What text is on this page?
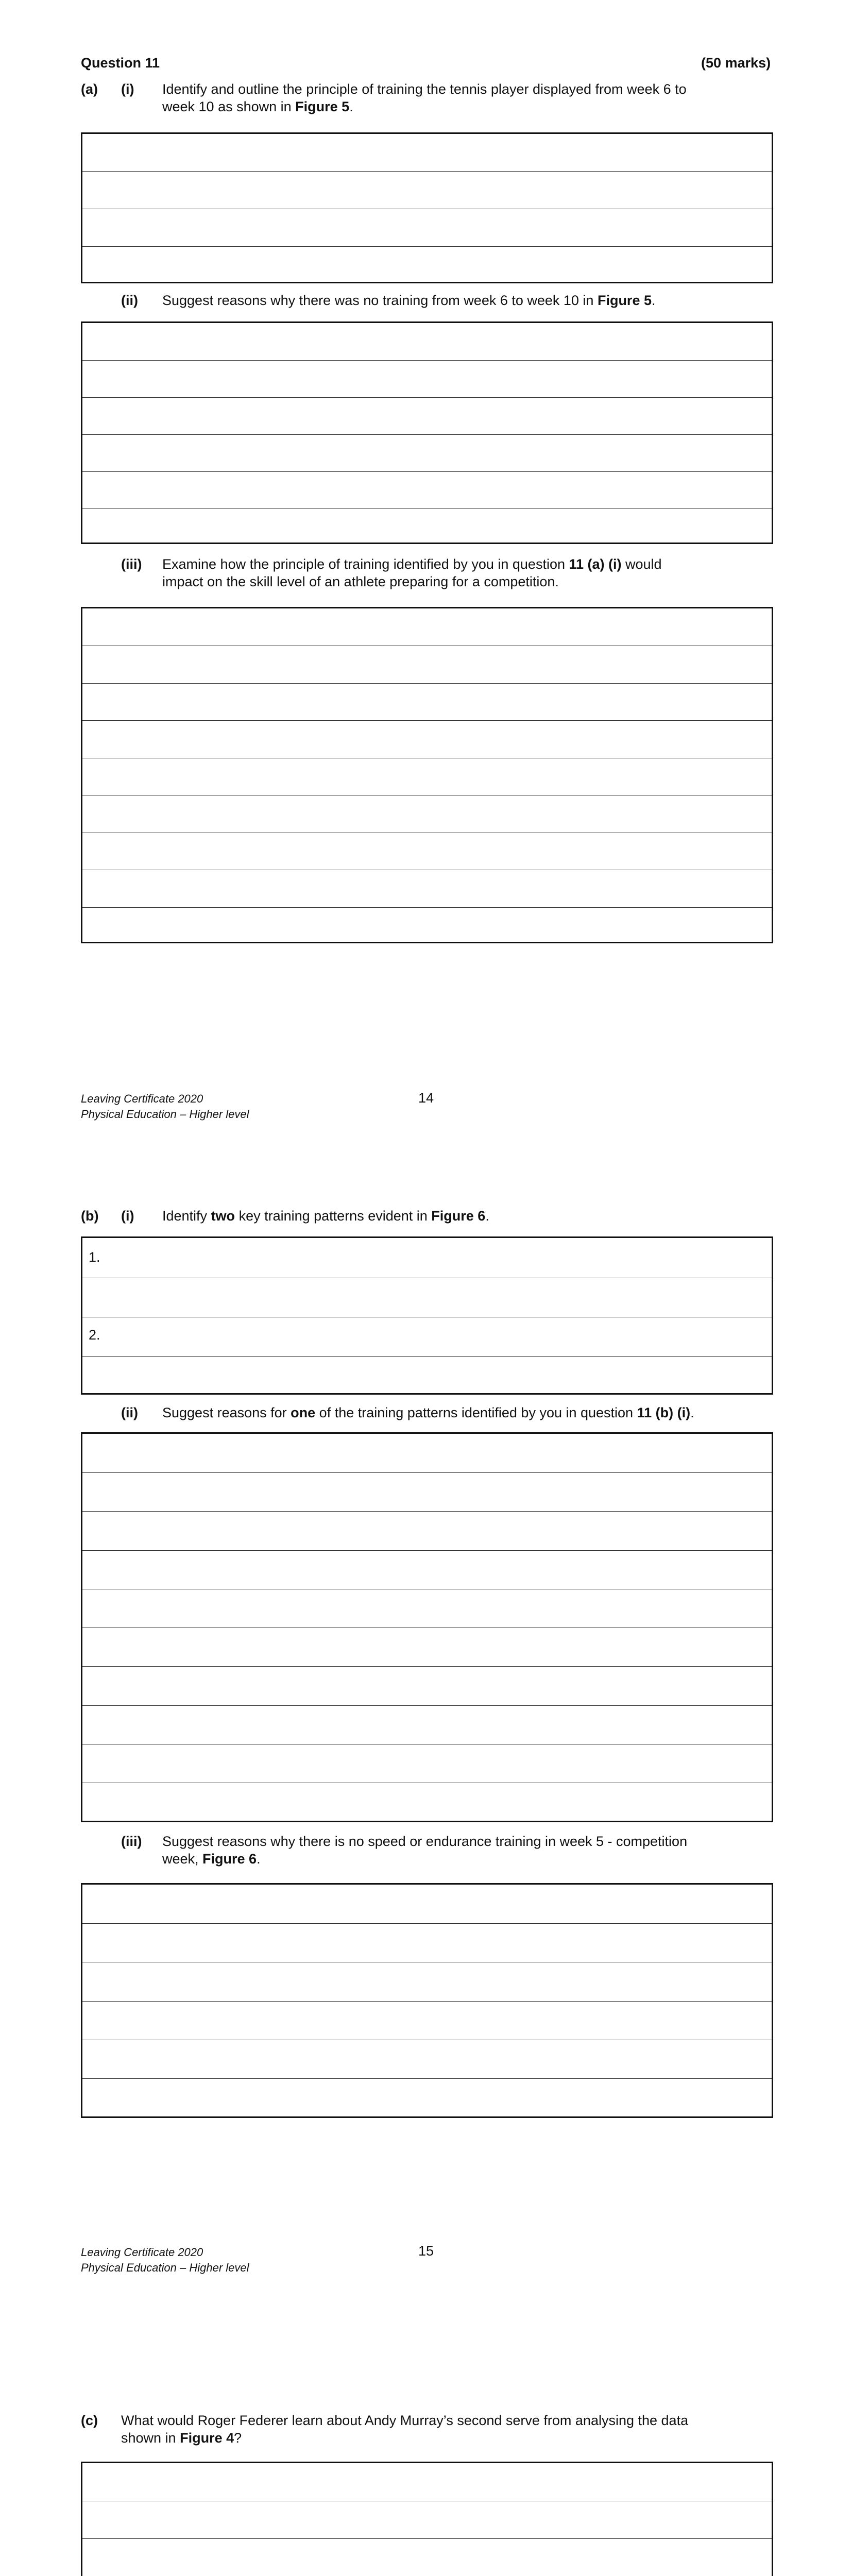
Question 11	(50 marks)
(a) (i) Identify and outline the principle of training the tennis player displayed from week 6 to
week 10 as shown in Figure 5.
(ii) Suggest reasons why there was no training from week 6 to week 10 in Figure 5.
(iii) Examine how the principle of training identified by you in question 11 (a) (i) would
impact on the skill level of an athlete preparing for a competition.
Leaving Certificate 2020
Physical Education – Higher level
14
(b) (i) Identify two key training patterns evident in Figure 6.
1.
2.
(ii) Suggest reasons for one of the training patterns identified by you in question 11 (b) (i).
(iii) Suggest reasons why there is no speed or endurance training in week 5 - competition
week, Figure 6.
Leaving Certificate 2020
Physical Education – Higher level
15
(c) What would Roger Federer learn about Andy Murray’s second serve from analysing the data
shown in Figure 4?
